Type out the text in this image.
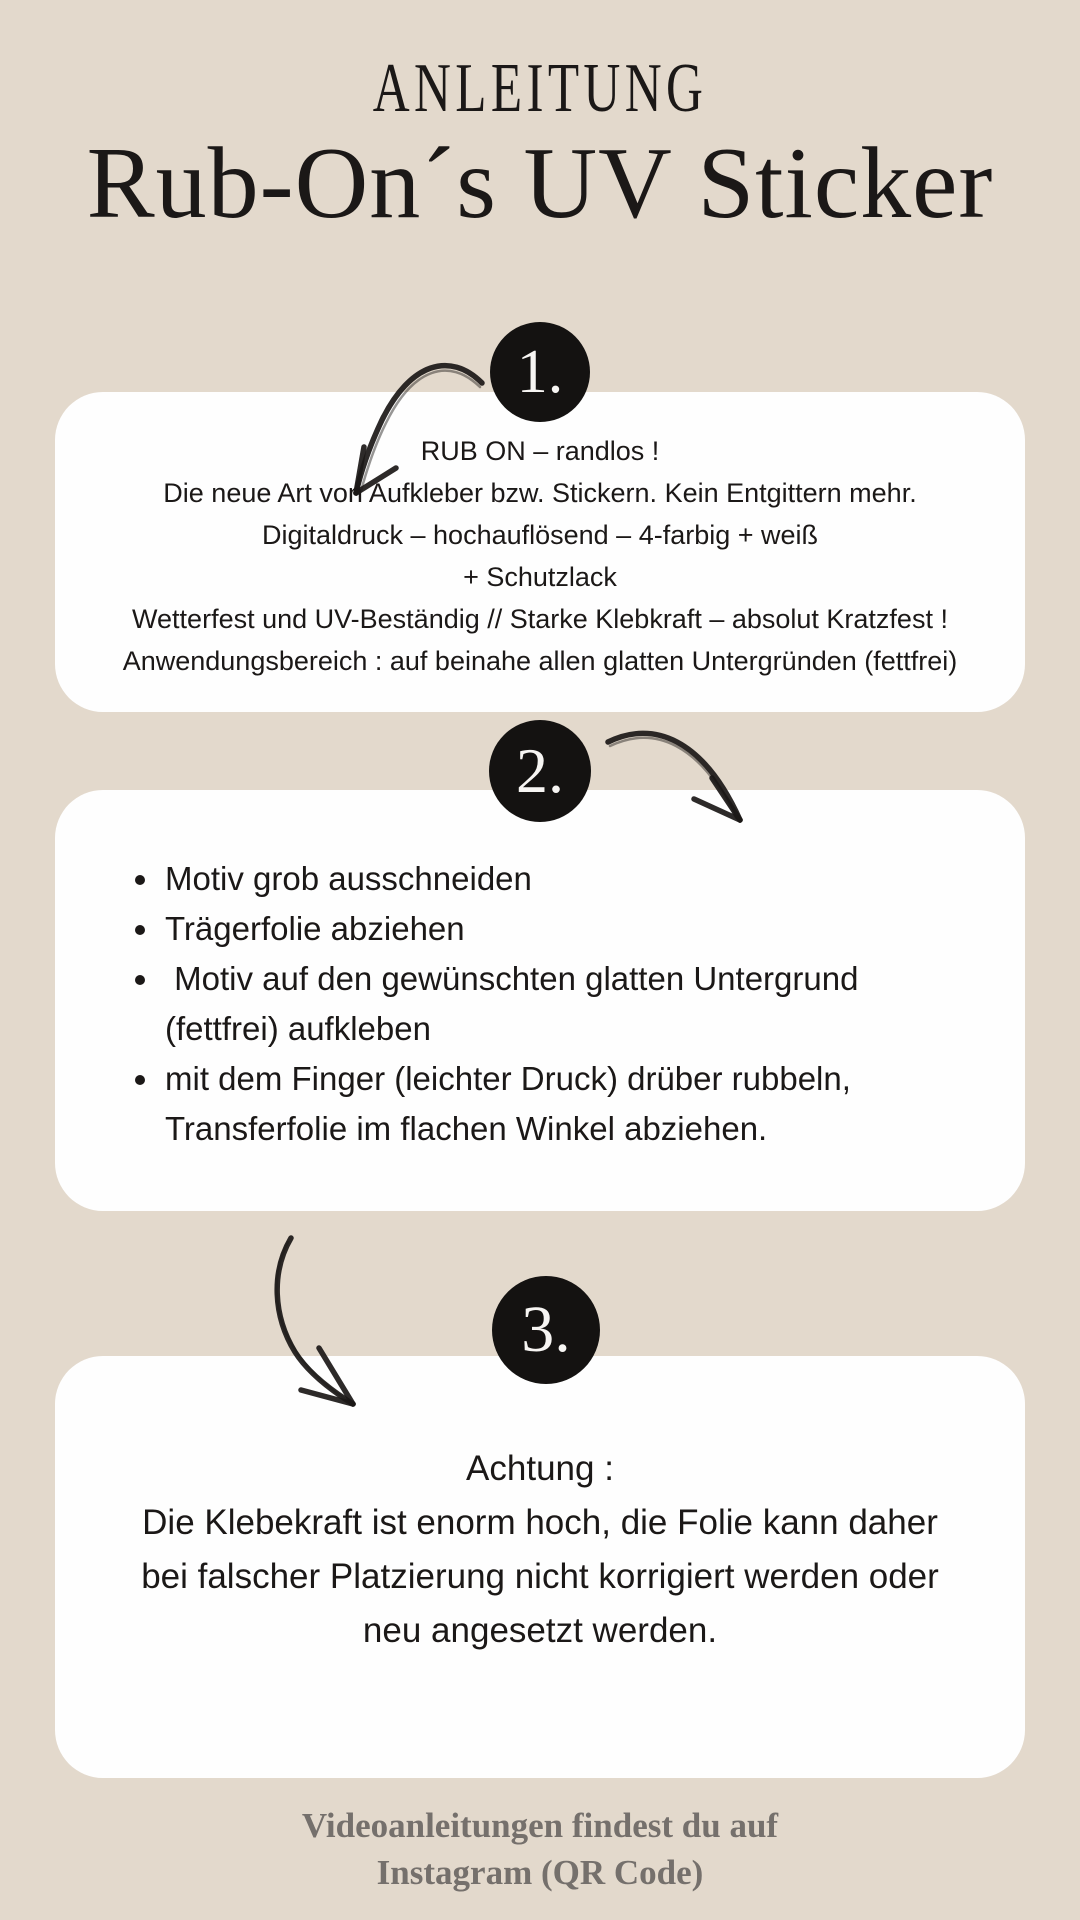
ANLEITUNG
Rub-On´s UV Sticker
1.

RUB ON – randlos !

Die neue Art von Aufkleber bzw. Stickern. Kein Entgittern mehr.

Digitaldruck – hochauflösend – 4-farbig + weiß

+ Schutzlack

Wetterfest und UV-Beständig // Starke Klebkraft – absolut Kratzfest !

Anwendungsbereich : auf beinahe allen glatten Untergründen (fettfrei)

2.
Motiv grob ausschneiden
Trägerfolie abziehen
Motiv auf den gewünschten glatten Untergrund
(fettfrei) aufkleben
mit dem Finger (leichter Druck) drüber rubbeln,
Transferfolie im flachen Winkel abziehen.
3.

Achtung :

Die Klebekraft ist enorm hoch, die Folie kann daher

bei falscher Platzierung nicht korrigiert werden oder

neu angesetzt werden.

Videoanleitungen findest du auf
Instagram (QR Code)
